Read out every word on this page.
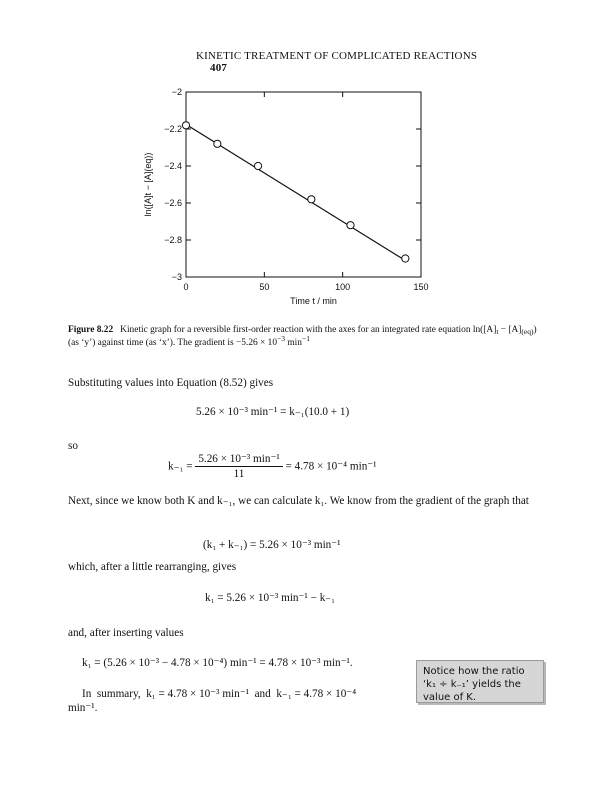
KINETIC TREATMENT OF COMPLICATED REACTIONS 407
0	50	100	150
−2
−2.2
−2.4
−2.6
−2.8
−3
Time t / min
ln([A]t − [A](eq))
Figure 8.22 Kinetic graph for a reversible first-order reaction with the axes for an integrated rate equation $\ln([A]_t - [A]_{(eq)})$ (as ‘y’) against time (as ‘x’). The gradient is $-5.26 \times 10^{-3}$ $\min^{-1}$
Substituting values into Equation (8.52) gives
5.26 × 10⁻³ min⁻¹ = k₋₁(10.0 + 1)
so
$k_{-1} = \frac{\text{5.26 × 10⁻³ min⁻¹}}{11} = 4.78 \times 10^{-4}$ min⁻¹
Next, since we know both K and k₋₁, we can calculate k₁. We know from the gradient of the graph that
(k₁ + k₋₁) = 5.26 × 10⁻³ min⁻¹
which, after a little rearranging, gives
k₁ = 5.26 × 10⁻³ min⁻¹ − k₋₁
and, after inserting values
k₁ = (5.26 × 10⁻³ − 4.78 × 10⁻⁴) min⁻¹ = 4.78 × 10⁻³ min⁻¹.
In  summary,  k₁ = 4.78 × 10⁻³ min⁻¹  and  k₋₁ = 4.78 × 10⁻⁴
min⁻¹.
Notice how the ratio ‘k₁ ÷ k₋₁’ yields the value of K.
